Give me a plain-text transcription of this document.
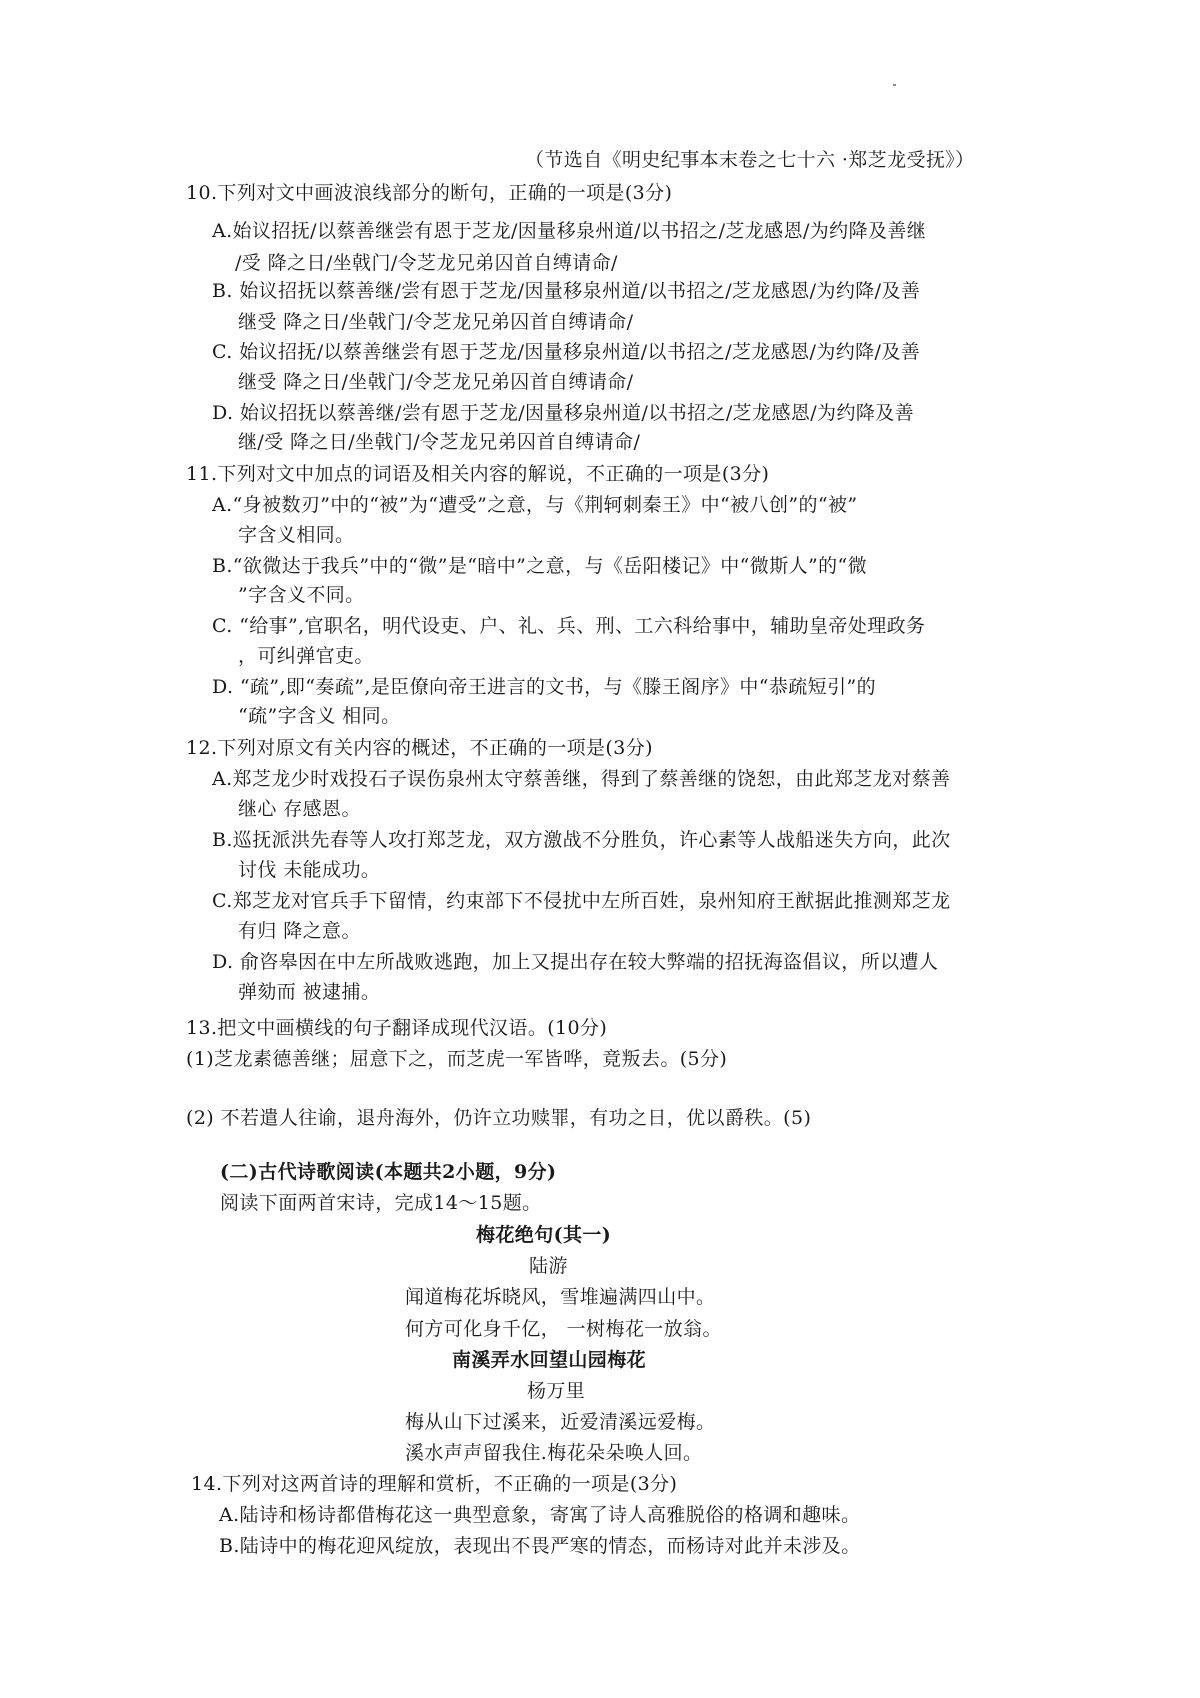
（节选自《明史纪事本末卷之七十六 ·郑芝龙受抚》）
10.下列对文中画波浪线部分的断句，正确的一项是(3分)
A.始议招抚/以蔡善继尝有恩于芝龙/因量移泉州道/以书招之/芝龙感恩/为约降及善继
/受 降之日/坐戟门/令芝龙兄弟囚首自缚请命/
B. 始议招抚以蔡善继/尝有恩于芝龙/因量移泉州道/以书招之/芝龙感恩/为约降/及善
继受 降之日/坐戟门/令芝龙兄弟囚首自缚请命/
C. 始议招抚/以蔡善继尝有恩于芝龙/因量移泉州道/以书招之/芝龙感恩/为约降/及善
继受 降之日/坐戟门/令芝龙兄弟囚首自缚请命/
D. 始议招抚以蔡善继/尝有恩于芝龙/因量移泉州道/以书招之/芝龙感恩/为约降及善
继/受 降之日/坐戟门/令芝龙兄弟囚首自缚请命/
11.下列对文中加点的词语及相关内容的解说，不正确的一项是(3分)
A.“身被数刃”中的“被”为“遭受”之意，与《荆轲刺秦王》中“被八创”的“被”
字含义相同。
B.“欲微达于我兵”中的“微”是“暗中”之意，与《岳阳楼记》中“微斯人”的“微
”字含义不同。
C. “给事”,官职名，明代设吏、户、礼、兵、刑、工六科给事中，辅助皇帝处理政务
，可纠弹官吏。
D. “疏”,即“奏疏”,是臣僚向帝王进言的文书，与《滕王阁序》中“恭疏短引”的
“疏”字含义 相同。
12.下列对原文有关内容的概述，不正确的一项是(3分)
A.郑芝龙少时戏投石子误伤泉州太守蔡善继，得到了蔡善继的饶恕，由此郑芝龙对蔡善
继心 存感恩。
B.巡抚派洪先春等人攻打郑芝龙，双方激战不分胜负，许心素等人战船迷失方向，此次
讨伐 未能成功。
C.郑芝龙对官兵手下留情，约束部下不侵扰中左所百姓，泉州知府王猷据此推测郑芝龙
有归 降之意。
D. 俞咨皋因在中左所战败逃跑，加上又提出存在较大弊端的招抚海盗倡议，所以遭人
弹劾而 被逮捕。
13.把文中画横线的句子翻译成现代汉语。(10分)
(1)芝龙素德善继；屈意下之，而芝虎一军皆哗，竟叛去。(5分)
(2) 不若遣人往谕，退舟海外，仍许立功赎罪，有功之日，优以爵秩。(5)
(二)古代诗歌阅读(本题共2小题，9分)
阅读下面两首宋诗，完成14～15题。
梅花绝句(其一)
陆游
闻道梅花坼晓风，雪堆遍满四山中。
何方可化身千亿， 一树梅花一放翁。
南溪弄水回望山园梅花
杨万里
梅从山下过溪来，近爱清溪远爱梅。
溪水声声留我住.梅花朵朵唤人回。
14.下列对这两首诗的理解和赏析，不正确的一项是(3分)
A.陆诗和杨诗都借梅花这一典型意象，寄寓了诗人高雅脱俗的格调和趣味。
B.陆诗中的梅花迎风绽放，表现出不畏严寒的情态，而杨诗对此并未涉及。
